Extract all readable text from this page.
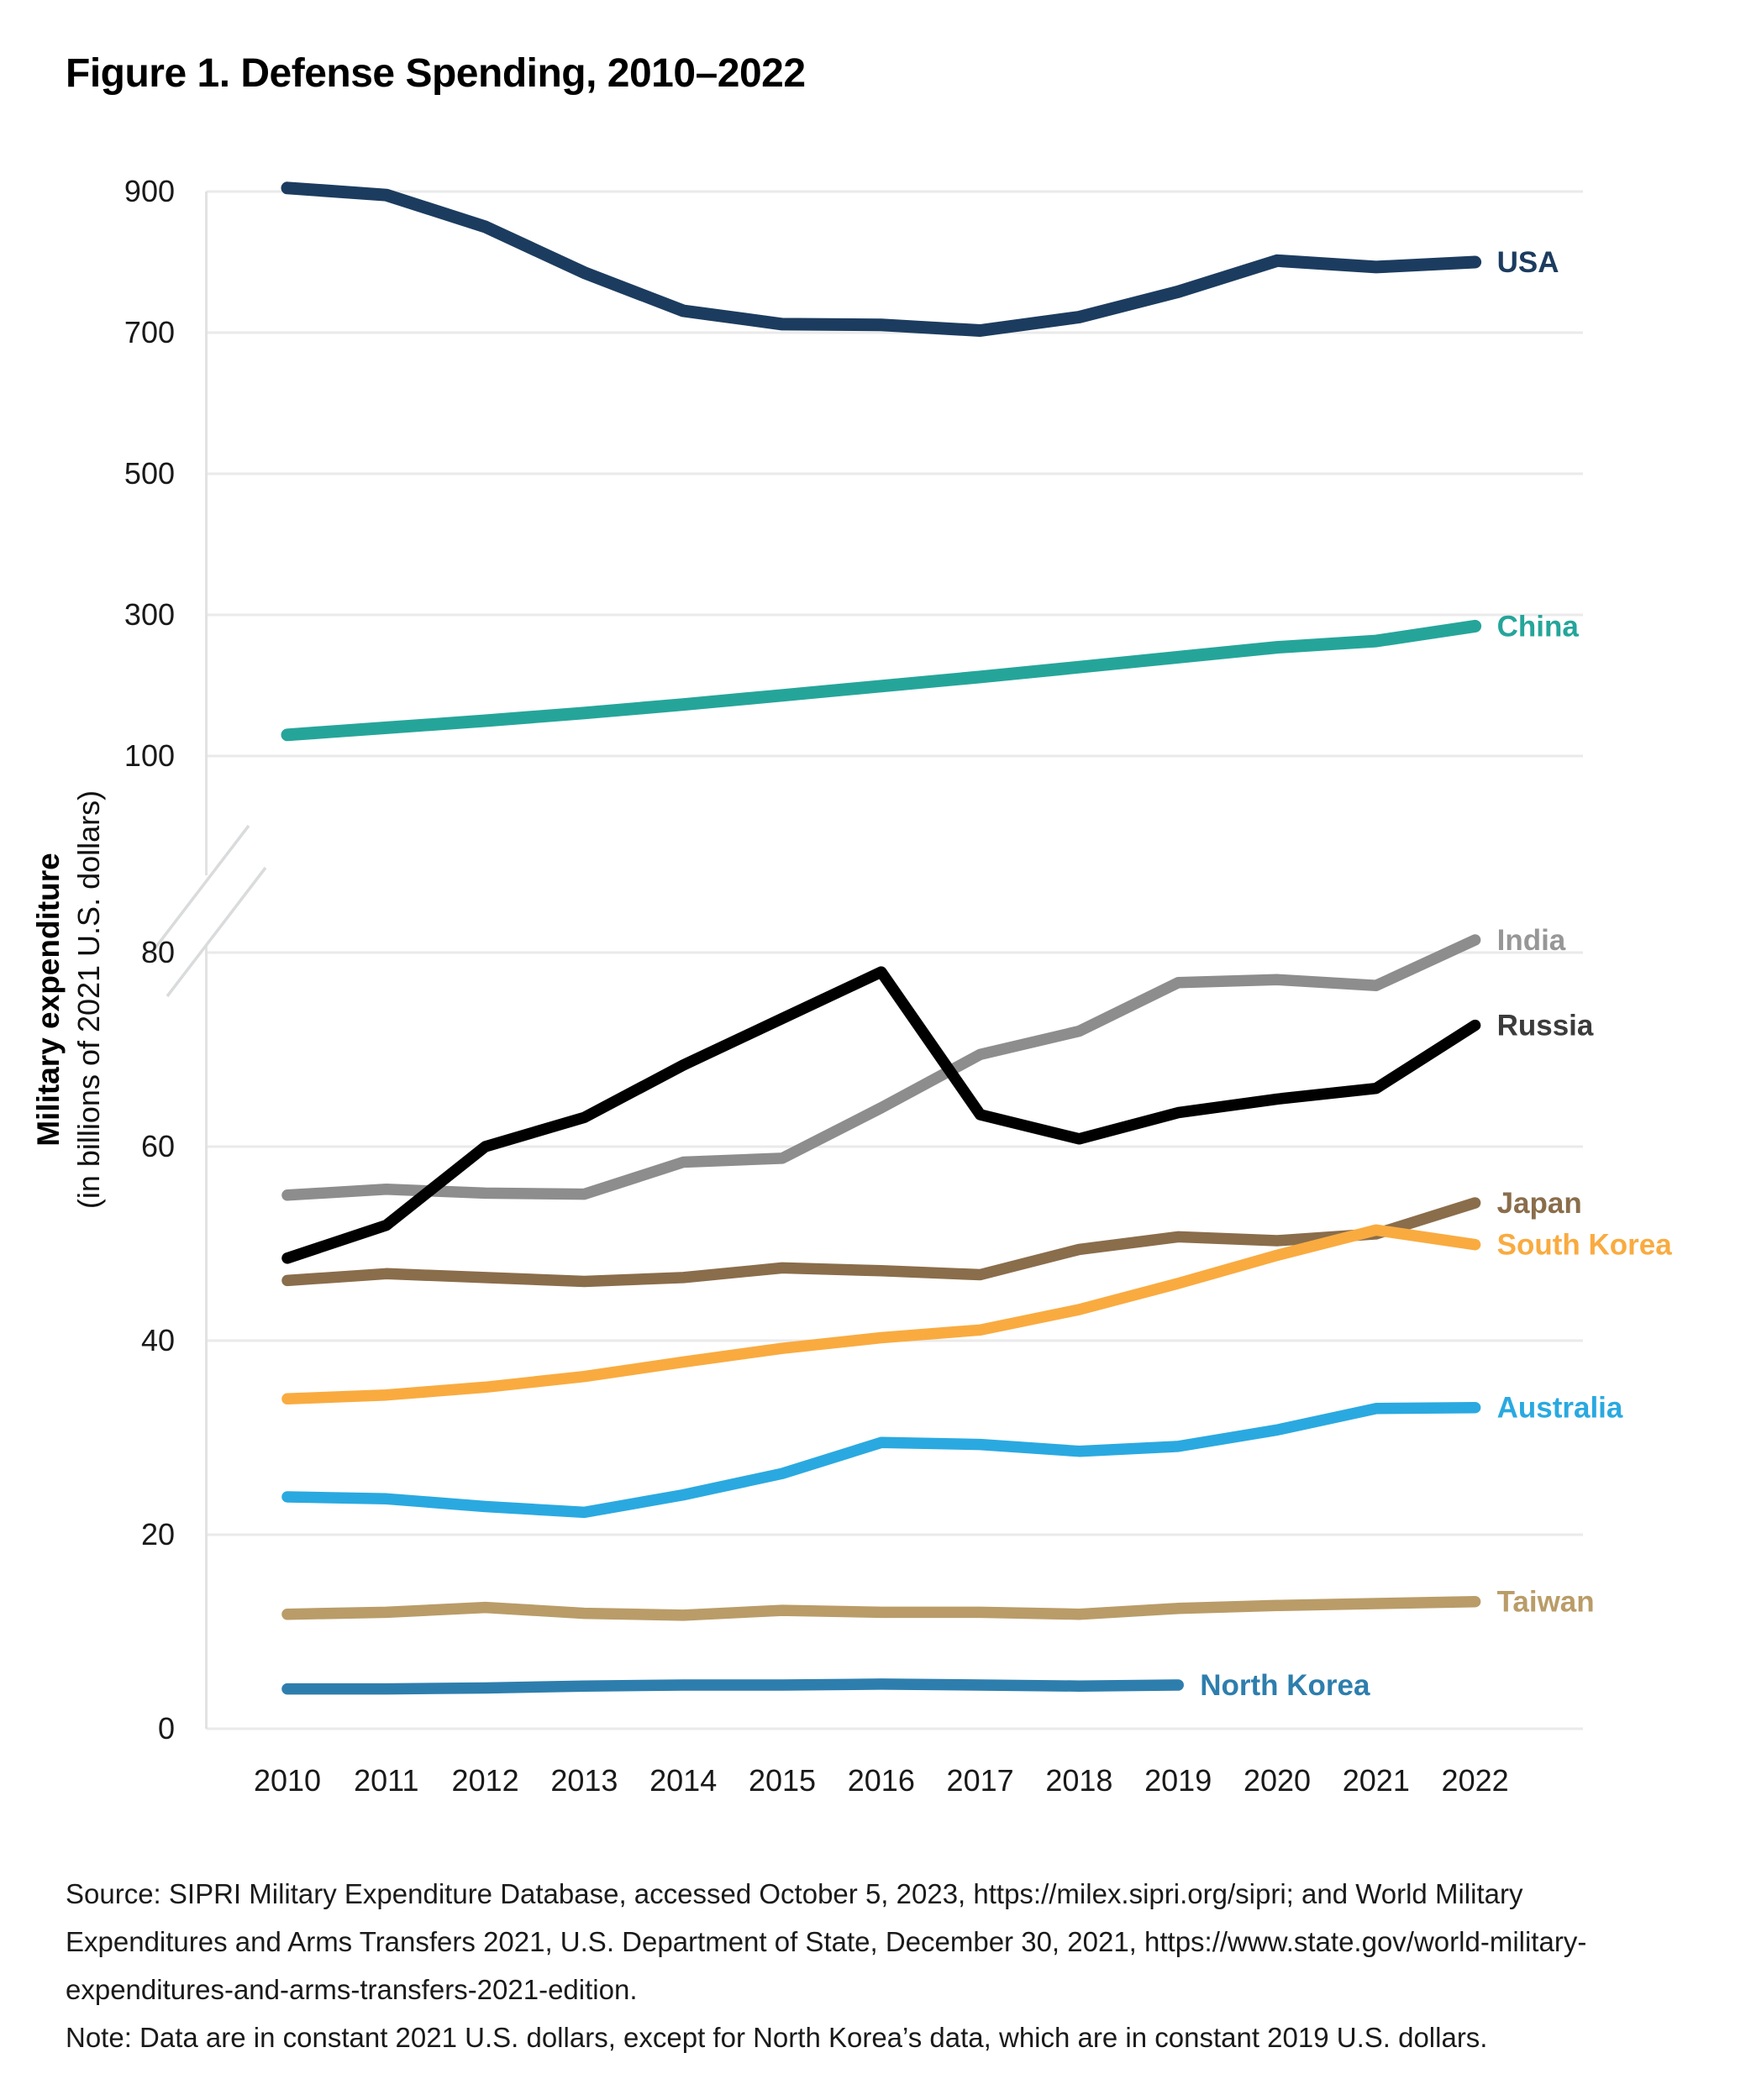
Figure 1. Defense Spending, 2010–2022
900
700
500
300
100
80
60
40
20
0
2010 2011 2012 2013 2014 2015 2016 2017 2018 2019 2020 2021 2022
USA
China
India
Russia
Japan
South Korea
Australia
Taiwan
North Korea
Military expenditure (in billions of 2021 U.S. dollars)
Source: SIPRI Military Expenditure Database, accessed October 5, 2023, https://milex.sipri.org/sipri; and World Military
Expenditures and Arms Transfers 2021, U.S. Department of State, December 30, 2021, https://www.state.gov/world-military-
expenditures-and-arms-transfers-2021-edition.
Note: Data are in constant 2021 U.S. dollars, except for North Korea’s data, which are in constant 2019 U.S. dollars.
